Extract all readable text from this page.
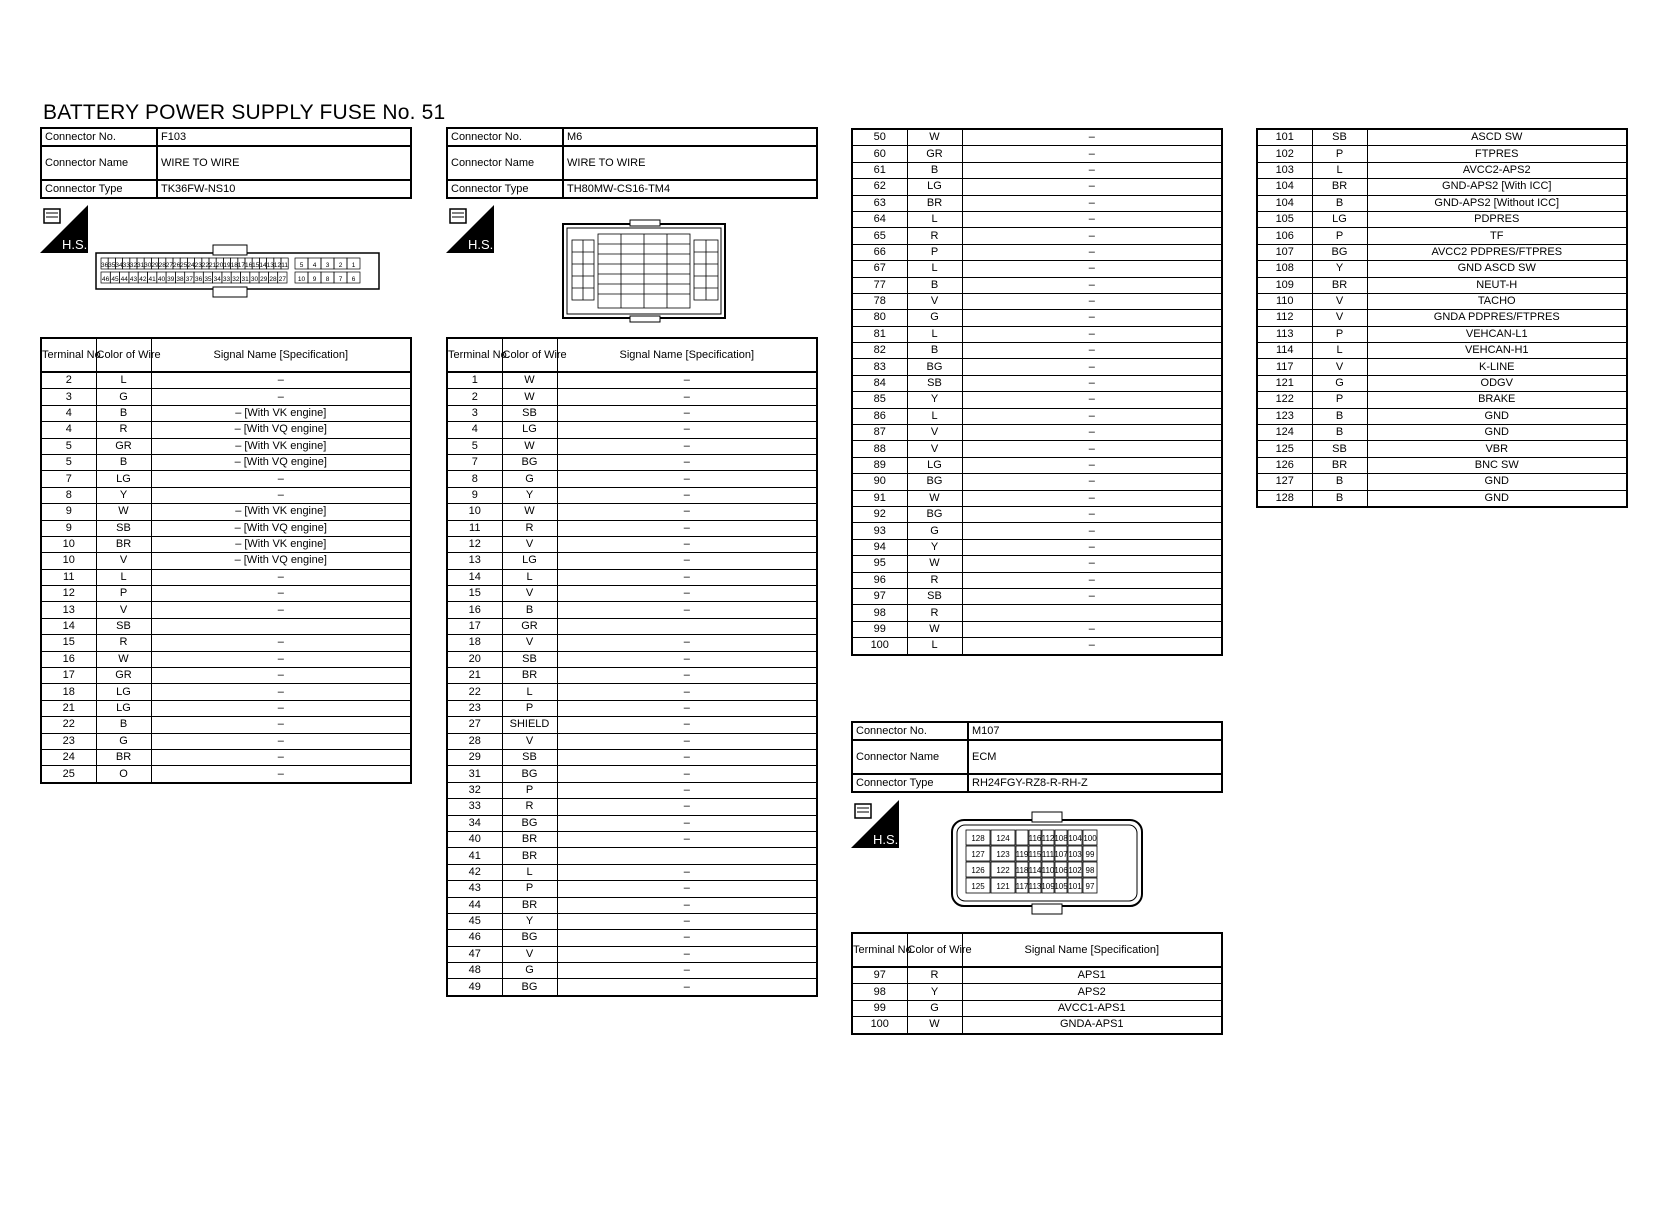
BATTERY POWER SUPPLY FUSE No. 51
Connector No.	F103
Connector Name	WIRE TO WIRE
Connector Type	TK36FW-NS10
H.S.
36 35 34 33 32 31 30 29 28 27 26 25 24 23 22 21 20 19 18 17 16 15 14 13 12 11
46 45 44 43 42 41 40 39 38 37 36 35 34 33 32 31 30 29 28 27
5 4 3 2 1
10 9 8 7 6
Terminal No.	Color of Wire	Signal Name [Specification]
2	L	–
3	G	–
4	B	– [With VK engine]
4	R	– [With VQ engine]
5	GR	– [With VK engine]
5	B	– [With VQ engine]
7	LG	–
8	Y	–
9	W	– [With VK engine]
9	SB	– [With VQ engine]
10	BR	– [With VK engine]
10	V	– [With VQ engine]
11	L	–
12	P	–
13	V	–
14	SB	
15	R	–
16	W	–
17	GR	–
18	LG	–
21	LG	–
22	B	–
23	G	–
24	BR	–
25	O	–
Connector No.	M6
Connector Name	WIRE TO WIRE
Connector Type	TH80MW-CS16-TM4
H.S.
Terminal No.	Color of Wire	Signal Name [Specification]
1	W	–
2	W	–
3	SB	–
4	LG	–
5	W	–
7	BG	–
8	G	–
9	Y	–
10	W	–
11	R	–
12	V	–
13	LG	–
14	L	–
15	V	–
16	B	–
17	GR	
18	V	–
20	SB	–
21	BR	–
22	L	–
23	P	–
27	SHIELD	–
28	V	–
29	SB	–
31	BG	–
32	P	–
33	R	–
34	BG	–
40	BR	–
41	BR	
42	L	–
43	P	–
44	BR	–
45	Y	–
46	BG	–
47	V	–
48	G	–
49	BG	–
50	W	–
60	GR	–
61	B	–
62	LG	–
63	BR	–
64	L	–
65	R	–
66	P	–
67	L	–
77	B	–
78	V	–
80	G	–
81	L	–
82	B	–
83	BG	–
84	SB	–
85	Y	–
86	L	–
87	V	–
88	V	–
89	LG	–
90	BG	–
91	W	–
92	BG	–
93	G	–
94	Y	–
95	W	–
96	R	–
97	SB	–
98	R	
99	W	–
100	L	–
Connector No.	M107
Connector Name	ECM
Connector Type	RH24FGY-RZ8-R-RH-Z
H.S.	128 124 116 112 108 104 100
127 123 119 115 111 107 103 99
126 122 118 114 110 106 102 98
125 121 117 113 109 105 101 97
Terminal No.	Color of Wire	Signal Name [Specification]
97	R	APS1
98	Y	APS2
99	G	AVCC1-APS1
100	W	GNDA-APS1
101	SB	ASCD SW
102	P	FTPRES
103	L	AVCC2-APS2
104	BR	GND-APS2 [With ICC]
104	B	GND-APS2 [Without ICC]
105	LG	PDPRES
106	P	TF
107	BG	AVCC2 PDPRES/FTPRES
108	Y	GND ASCD SW
109	BR	NEUT-H
110	V	TACHO
112	V	GNDA PDPRES/FTPRES
113	P	VEHCAN-L1
114	L	VEHCAN-H1
117	V	K-LINE
121	G	ODGV
122	P	BRAKE
123	B	GND
124	B	GND
125	SB	VBR
126	BR	BNC SW
127	B	GND
128	B	GND
